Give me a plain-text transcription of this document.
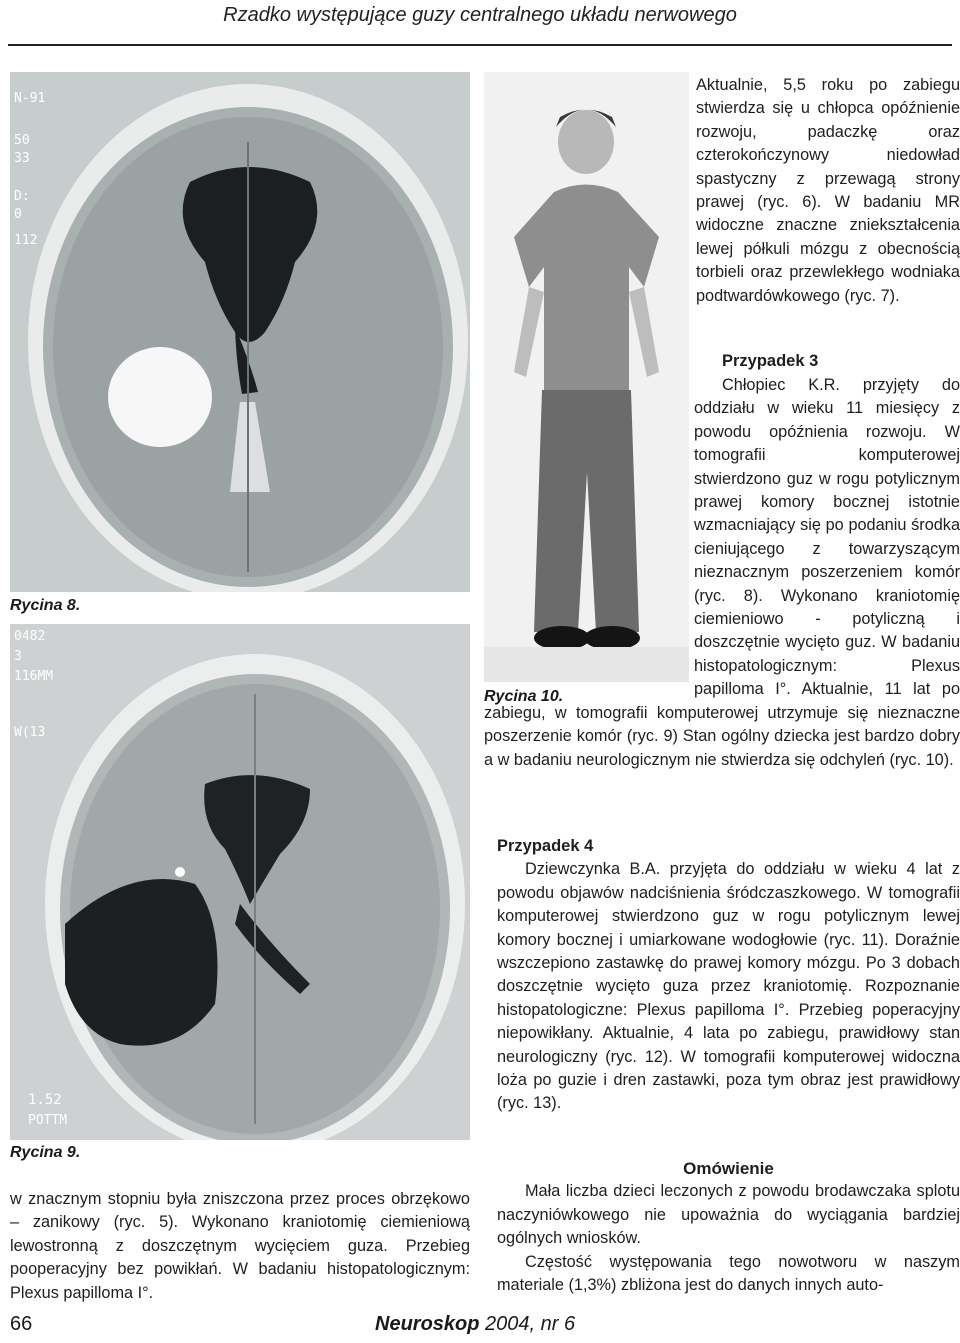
Rzadko występujące guzy centralnego układu nerwowego
N-91
50
33
D:
0
112
Rycina 8.
0482
3
116MM
W(13
1.52
POTTM
Rycina 9.
Rycina 10.

Aktualnie, 5,5 roku po zabiegu stwierdza się u chłopca opóźnienie rozwoju, padaczkę oraz czterokończynowy niedowład spastyczny z przewagą strony prawej (ryc. 6). W badaniu MR widoczne znaczne zniekształcenia lewej półkuli mózgu z obecnością torbieli oraz przewlekłego wodniaka podtwardówkowego (ryc. 7).

Przypadek 3

Chłopiec K.R. przyjęty do oddziału w wieku 11 miesięcy z powodu opóźnienia rozwoju. W tomografii komputerowej stwierdzono guz w rogu potylicznym prawej komory bocznej istotnie wzmacniający się po podaniu środka cieniującego z towarzyszącym nieznacznym poszerzeniem komór (ryc. 8). Wykonano kraniotomię ciemieniowo - potyliczną i doszczętnie wycięto guz. W badaniu histopatologicznym: Plexus papilloma I°. Aktualnie, 11 lat po zabiegu, w tomografii komputerowej utrzymuje się nieznaczne poszerzenie komór (ryc. 9) Stan ogólny dziecka jest bardzo dobry a w badaniu neurologicznym nie stwierdza się odchyleń (ryc. 10).

Przypadek 4

Dziewczynka B.A. przyjęta do oddziału w wieku 4 lat z powodu objawów nadciśnienia śródczaszkowego. W tomografii komputerowej stwierdzono guz w rogu potylicznym lewej komory bocznej i umiarkowane wodogłowie (ryc. 11). Doraźnie wszczepiono zastawkę do prawej komory mózgu. Po 3 dobach doszczętnie wycięto guza przez kraniotomię. Rozpoznanie histopatologiczne: Plexus papilloma I°. Przebieg poperacyjny niepowikłany. Aktualnie, 4 lata po zabiegu, prawidłowy stan neurologiczny (ryc. 12). W tomografii komputerowej widoczna loża po guzie i dren zastawki, poza tym obraz jest prawidłowy (ryc. 13).

Omówienie

Mała liczba dzieci leczonych z powodu brodawczaka splotu naczyniówkowego nie upoważnia do wyciągania bardziej ogólnych wniosków.

Częstość występowania tego nowotworu w naszym materiale (1,3%) zbliżona jest do danych innych auto-

w znacznym stopniu była zniszczona przez proces obrzękowo – zanikowy (ryc. 5). Wykonano kraniotomię ciemieniową lewostronną z doszczętnym wycięciem guza. Przebieg pooperacyjny bez powikłań. W badaniu histopatologicznym: Plexus papilloma I°.

66	Neuroskop 2004, nr 6
